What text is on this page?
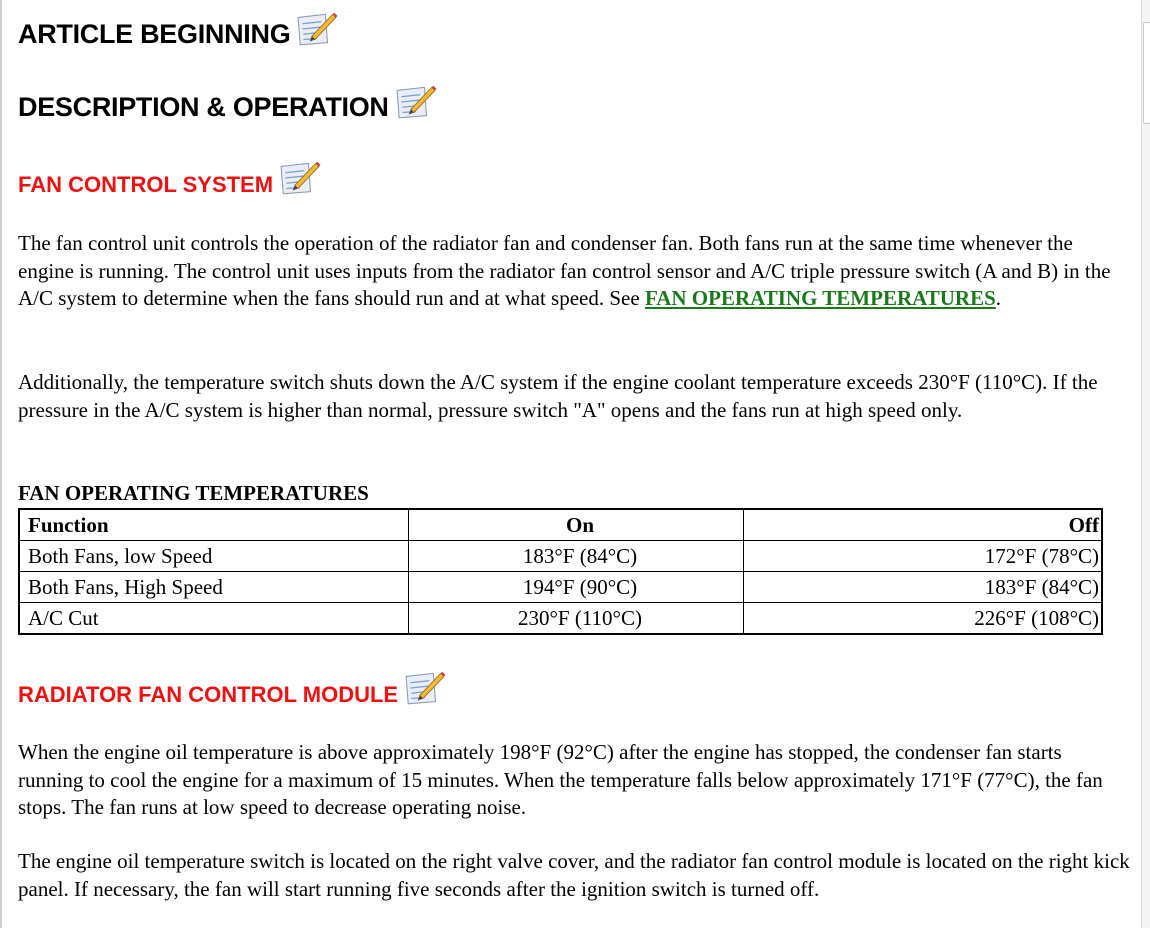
ARTICLE BEGINNING
DESCRIPTION & OPERATION
FAN CONTROL SYSTEM

The fan control unit controls the operation of the radiator fan and condenser fan. Both fans run at the same time whenever the engine is running. The control unit uses inputs from the radiator fan control sensor and A/C triple pressure switch (A and B) in the A/C system to determine when the fans should run and at what speed. See FAN OPERATING TEMPERATURES.

Additionally, the temperature switch shuts down the A/C system if the engine coolant temperature exceeds 230°F (110°C). If the pressure in the A/C system is higher than normal, pressure switch "A" opens and the fans run at high speed only.

FAN OPERATING TEMPERATURES
Function	On	Off
Both Fans, low Speed	183°F (84°C)	172°F (78°C)
Both Fans, High Speed	194°F (90°C)	183°F (84°C)
A/C Cut	230°F (110°C)	226°F (108°C)
RADIATOR FAN CONTROL MODULE

When the engine oil temperature is above approximately 198°F (92°C) after the engine has stopped, the condenser fan starts running to cool the engine for a maximum of 15 minutes. When the temperature falls below approximately 171°F (77°C), the fan stops. The fan runs at low speed to decrease operating noise.

The engine oil temperature switch is located on the right valve cover, and the radiator fan control module is located on the right kick panel. If necessary, the fan will start running five seconds after the ignition switch is turned off.
